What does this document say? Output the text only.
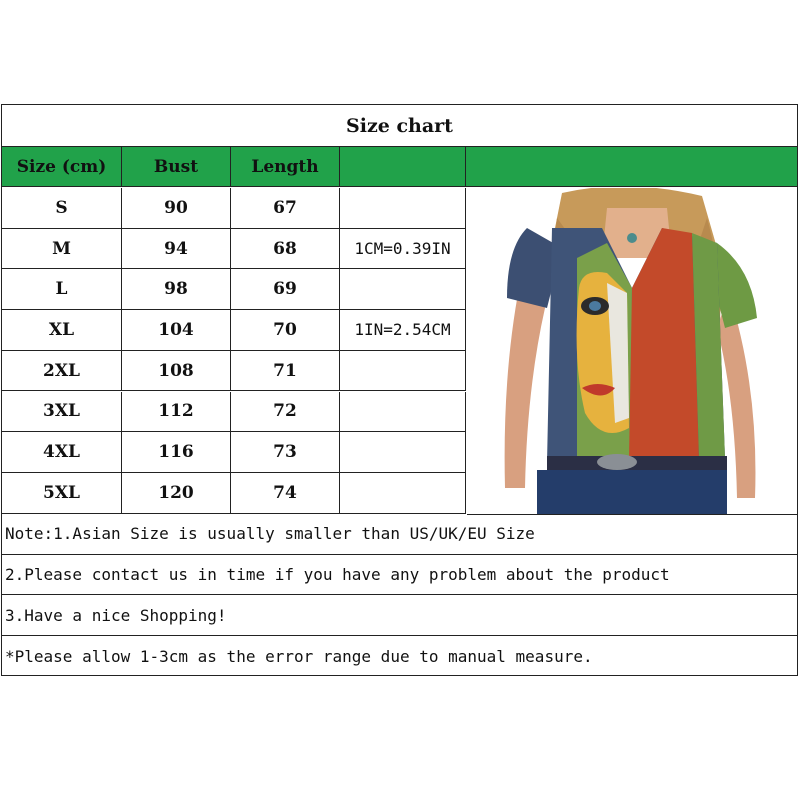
Size chart
Size (cm)	Bust	Length
S	90	67
M	94	68	1CM=0.39IN
L	98	69
XL	104	70	1IN=2.54CM
2XL	108	71
3XL	112	72
4XL	116	73
5XL	120	74
Note:1.Asian Size is usually smaller than US/UK/EU Size
2.Please contact us in time if you have any problem about the product
3.Have a nice Shopping!
*Please allow 1-3cm as the error range due to manual measure.
